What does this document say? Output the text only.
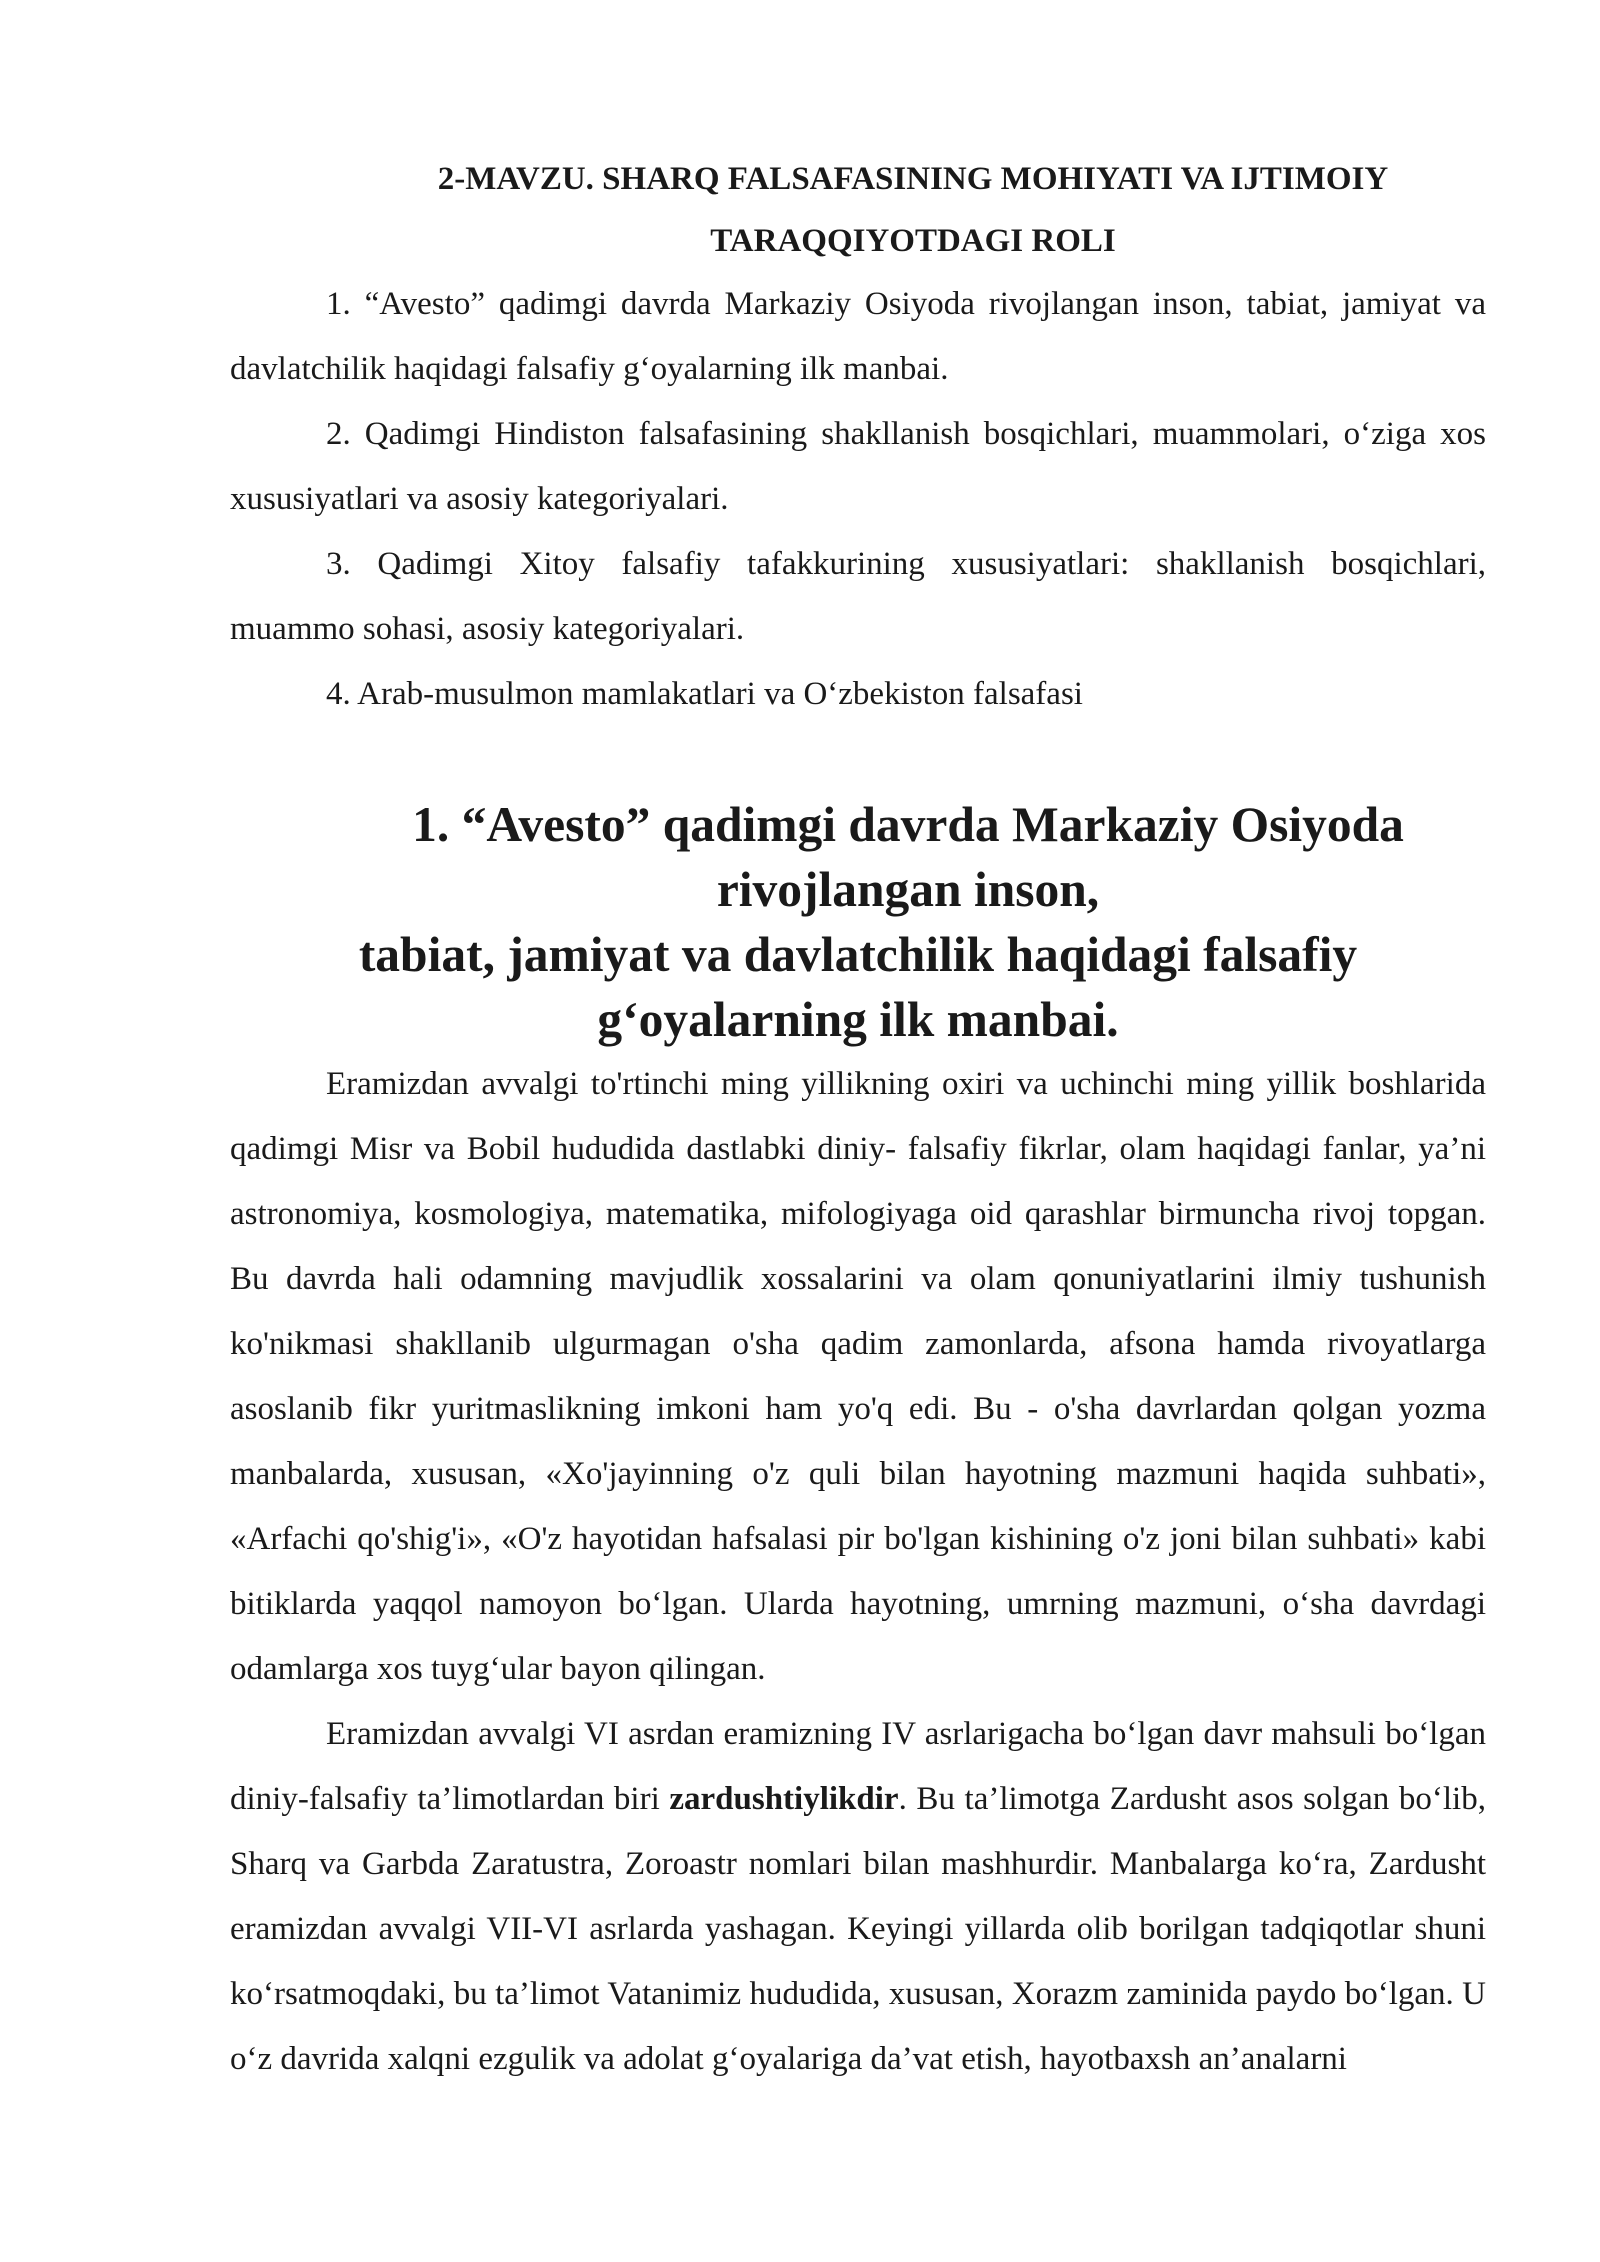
2-MAVZU. SHARQ FALSAFASINING MOHIYATI VA IJTIMOIY
TARAQQIYOTDAGI ROLI

1. “Avesto” qadimgi davrda Markaziy Osiyoda rivojlangan inson, tabiat, jamiyat va davlatchilik haqidagi falsafiy g‘oyalarning ilk manbai.

2. Qadimgi Hindiston falsafasining shakllanish bosqichlari, muammolari, o‘ziga xos xususiyatlari va asosiy kategoriyalari.

3. Qadimgi Xitoy falsafiy tafakkurining xususiyatlari: shakllanish bosqichlari, muammo sohasi, asosiy kategoriyalari.

4. Arab-musulmon mamlakatlari va O‘zbekiston falsafasi

1. “Avesto” qadimgi davrda Markaziy Osiyoda rivojlangan inson,
tabiat, jamiyat va davlatchilik haqidagi falsafiy g‘oyalarning ilk manbai.

Eramizdan avvalgi to'rtinchi ming yillikning oxiri va uchinchi ming yillik boshlarida qadimgi Misr va Bobil hududida dastlabki diniy- falsafiy fikrlar, olam haqidagi fanlar, ya’ni astronomiya, kosmologiya, matematika, mifologiyaga oid qarashlar birmuncha rivoj topgan. Bu davrda hali odamning mavjudlik xossalarini va olam qonuniyatlarini ilmiy tushunish ko'nikmasi shakllanib ulgurmagan o'sha qadim zamonlarda, afsona hamda rivoyatlarga asoslanib fikr yuritmaslikning imkoni ham yo'q edi. Bu - o'sha davrlardan qolgan yozma manbalarda, xususan, «Xo'jayinning o'z quli bilan hayotning mazmuni haqida suhbati», «Arfachi qo'shig'i», «O'z hayotidan hafsalasi pir bo'lgan kishining o'z joni bilan suhbati» kabi bitiklarda yaqqol namoyon bo‘lgan. Ularda hayotning, umrning mazmuni, o‘sha davrdagi odamlarga xos tuyg‘ular bayon qilingan.

Eramizdan avvalgi VI asrdan eramizning IV asrlarigacha bo‘lgan davr mahsuli bo‘lgan diniy-falsafiy ta’limotlardan biri zardushtiylikdir. Bu ta’limotga Zardusht asos solgan bo‘lib, Sharq va Garbda Zaratustra, Zoroastr nomlari bilan mashhurdir. Manbalarga ko‘ra, Zardusht eramizdan avvalgi VII-VI asrlarda yashagan. Keyingi yillarda olib borilgan tadqiqotlar shuni ko‘rsatmoqdaki, bu ta’limot Vatanimiz hududida, xususan, Xorazm zaminida paydo bo‘lgan. U o‘z davrida xalqni ezgulik va adolat g‘oyalariga da’vat etish, hayotbaxsh an’analarni
